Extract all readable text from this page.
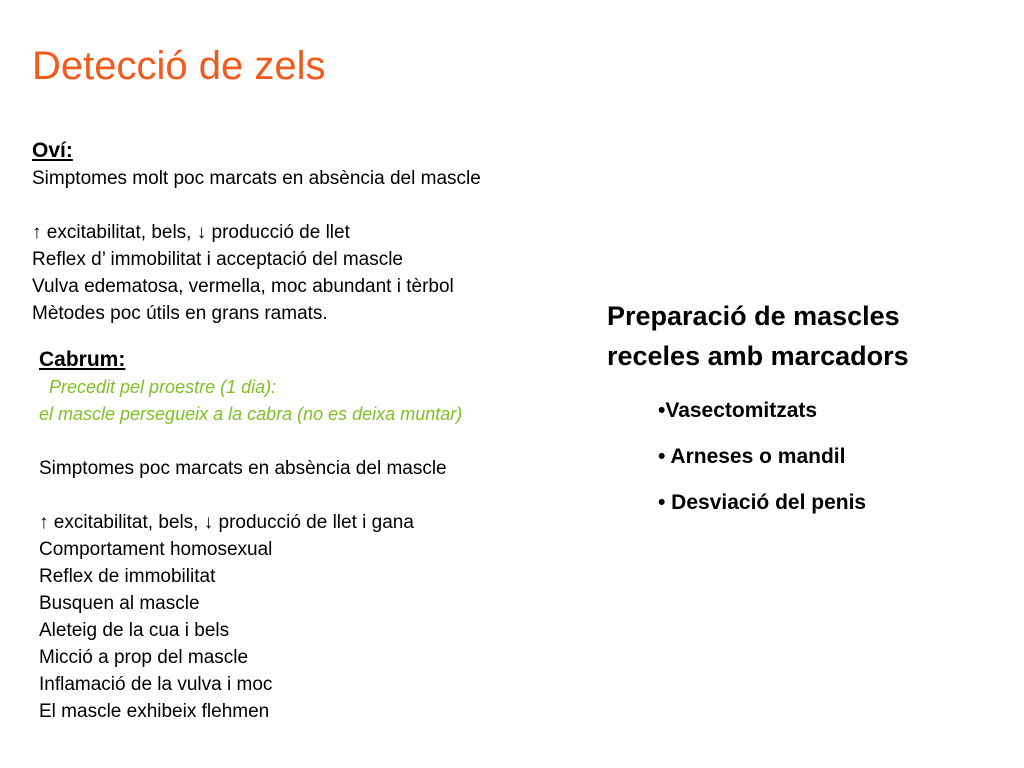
Detecció de zels
Oví:
Simptomes molt poc marcats en absència del mascle
↑ excitabilitat, bels, ↓ producció de llet
Reflex d’ immobilitat i acceptació del mascle
Vulva edematosa, vermella, moc abundant i tèrbol
Mètodes poc útils en grans ramats.
Cabrum:
Precedit pel proestre (1 dia):
el mascle persegueix a la cabra (no es deixa muntar)
Simptomes poc marcats en absència del mascle
↑ excitabilitat, bels, ↓ producció de llet i gana
Comportament homosexual
Reflex de immobilitat
Busquen al mascle
Aleteig de la cua i bels
Micció a prop del mascle
Inflamació de la vulva i moc
El mascle exhibeix flehmen
Preparació de mascles
receles amb marcadors
•Vasectomitzats
• Arneses o mandil
• Desviació del penis
